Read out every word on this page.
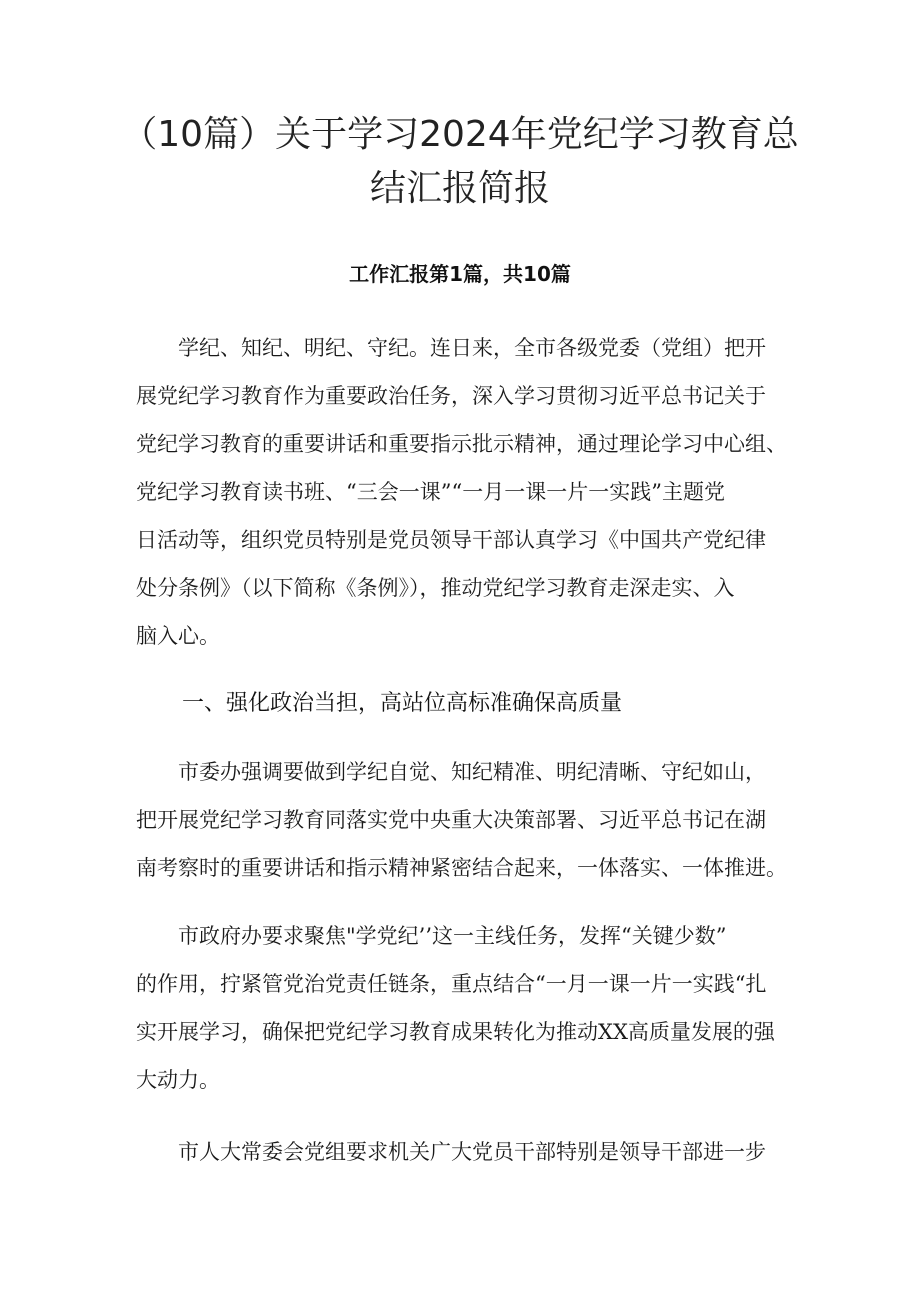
（10篇）关于学习2024年党纪学习教育总
结汇报简报
工作汇报第1篇，共10篇

　　学纪、知纪、明纪、守纪。连日来，全市各级党委（党组）把开
展党纪学习教育作为重要政治任务，深入学习贯彻习近平总书记关于
党纪学习教育的重要讲话和重要指示批示精神，通过理论学习中心组、
党纪学习教育读书班、“三会一课”“一月一课一片一实践”主题党
日活动等，组织党员特别是党员领导干部认真学习《中国共产党纪律
处分条例》（以下简称《条例》），推动党纪学习教育走深走实、入
脑入心。

一、强化政治当担，高站位高标准确保高质量

　　市委办强调要做到学纪自觉、知纪精准、明纪清晰、守纪如山，
把开展党纪学习教育同落实党中央重大决策部署、习近平总书记在湖
南考察时的重要讲话和指示精神紧密结合起来，一体落实、一体推进。

　　市政府办要求聚焦"学党纪’’这一主线任务，发挥“关键少数”
的作用，拧紧管党治党责任链条，重点结合“一月一课一片一实践“扎
实开展学习，确保把党纪学习教育成果转化为推动XX高质量发展的强
大动力。

　　市人大常委会党组要求机关广大党员干部特别是领导干部进一步
